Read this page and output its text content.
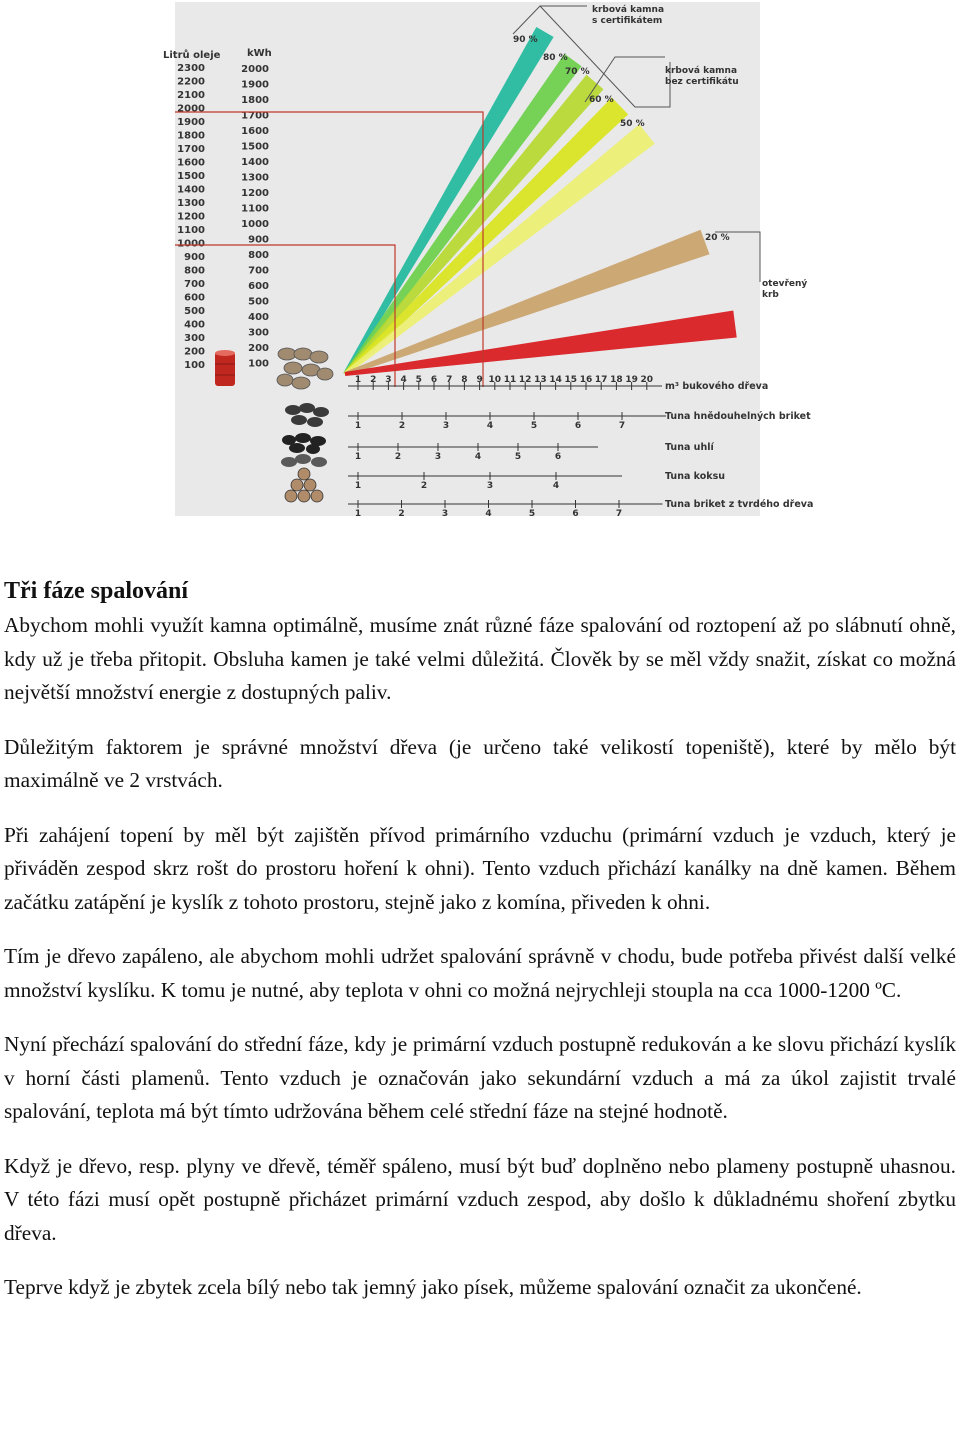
Litrů oleje	kWh
2300
2200
2100
2000
1900
1800
1700
1600
1500
1400
1300
1200
1100
1000
900
800
700
600
500
400
300
200
100
2000
1900
1800
1700
1600
1500
1400
1300
1200
1100
1000
900
800
700
600
500
400
300
200
100
90 %
80 %
70 %
60 %
50 %
20 %
krbová kamna
s certifikátem
krbová kamna
bez certifikátu
otevřený
krb
1 2 3 4 5 6 7 8 9 10 11 12 13 14 15 16 17 18 19 20
m³ bukového dřeva
1	2	3	4	5	6	7
Tuna hnědouhelných briket
1	2	3	4	5	6
Tuna uhlí
1	2	3	4
Tuna koksu
1	2	3	4	5	6	7
Tuna briket z tvrdého dřeva
Tři fáze spalování

Abychom mohli využít kamna optimálně, musíme znát různé fáze spalování od roztopení až po slábnutí ohně, kdy už je třeba přitopit. Obsluha kamen je také velmi důležitá. Člověk by se měl vždy snažit, získat co možná největší množství energie z dostupných paliv.

Důležitým faktorem je správné množství dřeva (je určeno také velikostí topeniště), které by mělo být maximálně ve 2 vrstvách.

Při zahájení topení by měl být zajištěn přívod primárního vzduchu (primární vzduch je vzduch, který je přiváděn zespod skrz rošt do prostoru hoření k ohni). Tento vzduch přichází kanálky na dně kamen. Během začátku zatápění je kyslík z tohoto prostoru, stejně jako z komína, přiveden k ohni.

Tím je dřevo zapáleno, ale abychom mohli udržet spalování správně v chodu, bude potřeba přivést další velké množství kyslíku. K tomu je nutné, aby teplota v ohni co možná nejrychleji stoupla na cca 1000-1200 ºC.

Nyní přechází spalování do střední fáze, kdy je primární vzduch postupně redukován a ke slovu přichází kyslík v horní části plamenů. Tento vzduch je označován jako sekundární vzduch a má za úkol zajistit trvalé spalování, teplota má být tímto udržována během celé střední fáze na stejné hodnotě.

Když je dřevo, resp. plyny ve dřevě, téměř spáleno, musí být buď doplněno nebo plameny postupně uhasnou. V této fázi musí opět postupně přicházet primární vzduch zespod, aby došlo k důkladnému shoření zbytku dřeva.

Teprve když je zbytek zcela bílý nebo tak jemný jako písek, můžeme spalování označit za ukončené.
